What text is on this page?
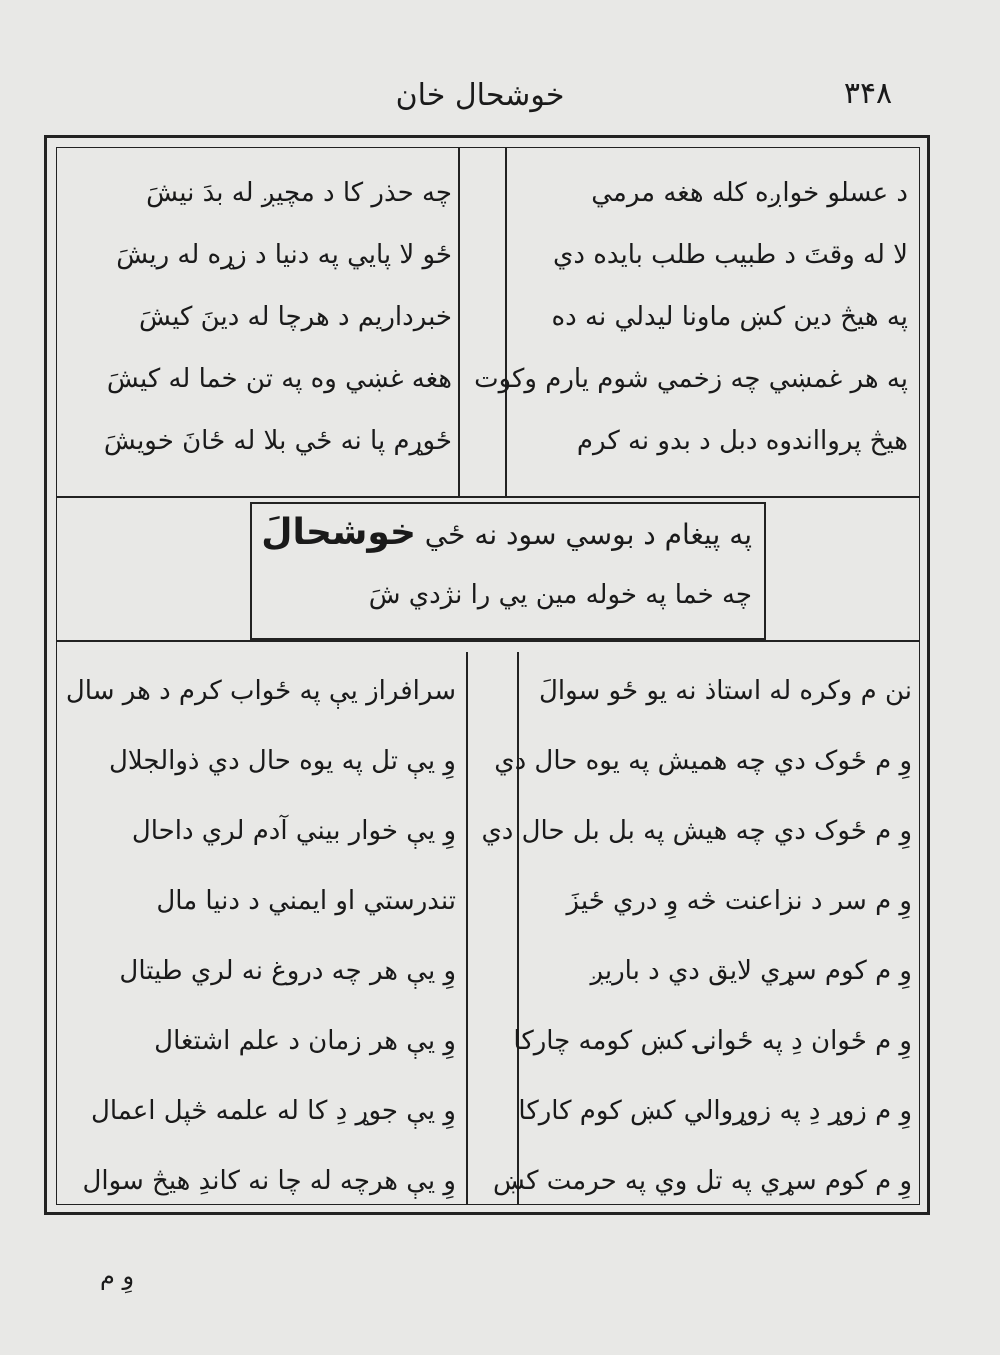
خوشحال خان	۳۴۸
د عسلو خواږه کله هغه مرمي
لا له وقتَ د طبيب طلب بايده دي
په هيڅ دين کښ ماونا ليدلي نه ده
په هر غمښي چه زخمي شوم يارم وکوت
هيڅ پروااندوه دبل د بدو نه کرم
چه حذر کا د مچيږ له بدَ نيشَ
ځو لا پايي په دنيا د زړه له ريشَ
خبرداريم د هرچا له دينَ کيشَ
هغه غښي وه په تن خما له کيشَ
ځوړم پا نه ځي بلا له ځانَ خويشَ
په پيغام د بوسي سود نه ځي خوشحالَ
چه خما په خوله مين يي را نژدي شَ
نن م وکره له استاذ نه يو ځو سوالَ
وِ م ځوک دي چه هميش په يوه حال دي
وِ م ځوک دي چه هيش په بل بل حال دي
وِ م سر د نزاعنت څه وِ دري ځيزَ
وِ م کوم سړي لايق دي د باريږ
وِ م ځوان دِ په ځوانۍ کښ کومه چارکا
وِ م زوړ دِ په زوړوالي کښ کوم کارکا
وِ م کوم سړي په تل وي په حرمت کښ
سرافراز يې په ځواب کرم د هر سال
وِ يې تل په يوه حال دي ذوالجلال
وِ يې خوار بيني آدم لري داحال
تندرستي او ايمني د دنيا مال
وِ يې هر چه دروغ نه لري طيتال
وِ يې هر زمان د علم اشتغال
وِ يې جوړ دِ کا له علمه څپل اعمال
وِ يې هرچه له چا نه کاندِ هيڅ سوال
وِ م
